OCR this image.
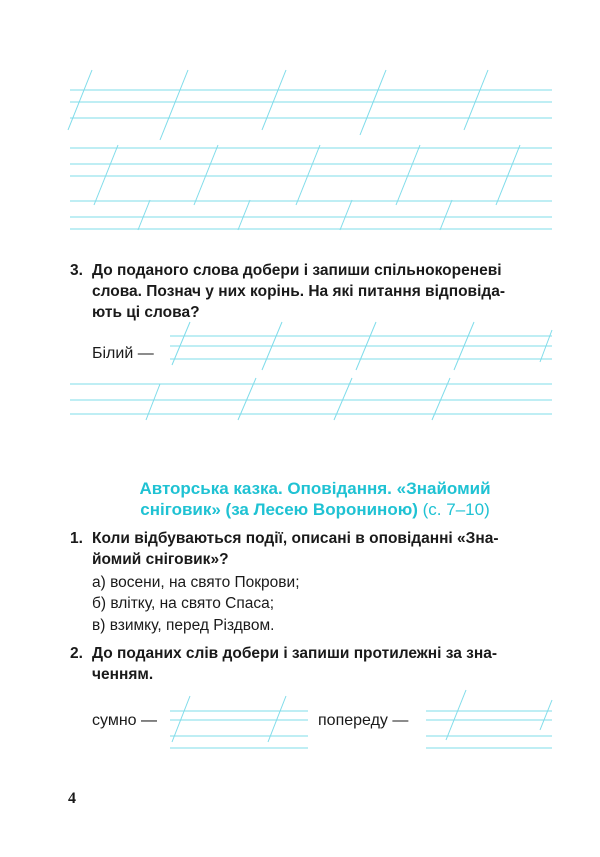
3. До поданого слова добери і запиши спільнокореневі
слова. Познач у них корінь. На які питання відповіда-
ють ці слова?
Білий —
Авторська казка. Оповідання. «Знайомий
сніговик» (за Лесею Ворониною) (с. 7–10)
1. Коли відбуваються події, описані в оповіданні «Зна-
йомий сніговик»?
а) восени, на свято Покрови;
б) влітку, на свято Спаса;
в) взимку, перед Різдвом.
2. До поданих слів добери і запиши протилежні за зна-
ченням.
сумно —	попереду —
4
